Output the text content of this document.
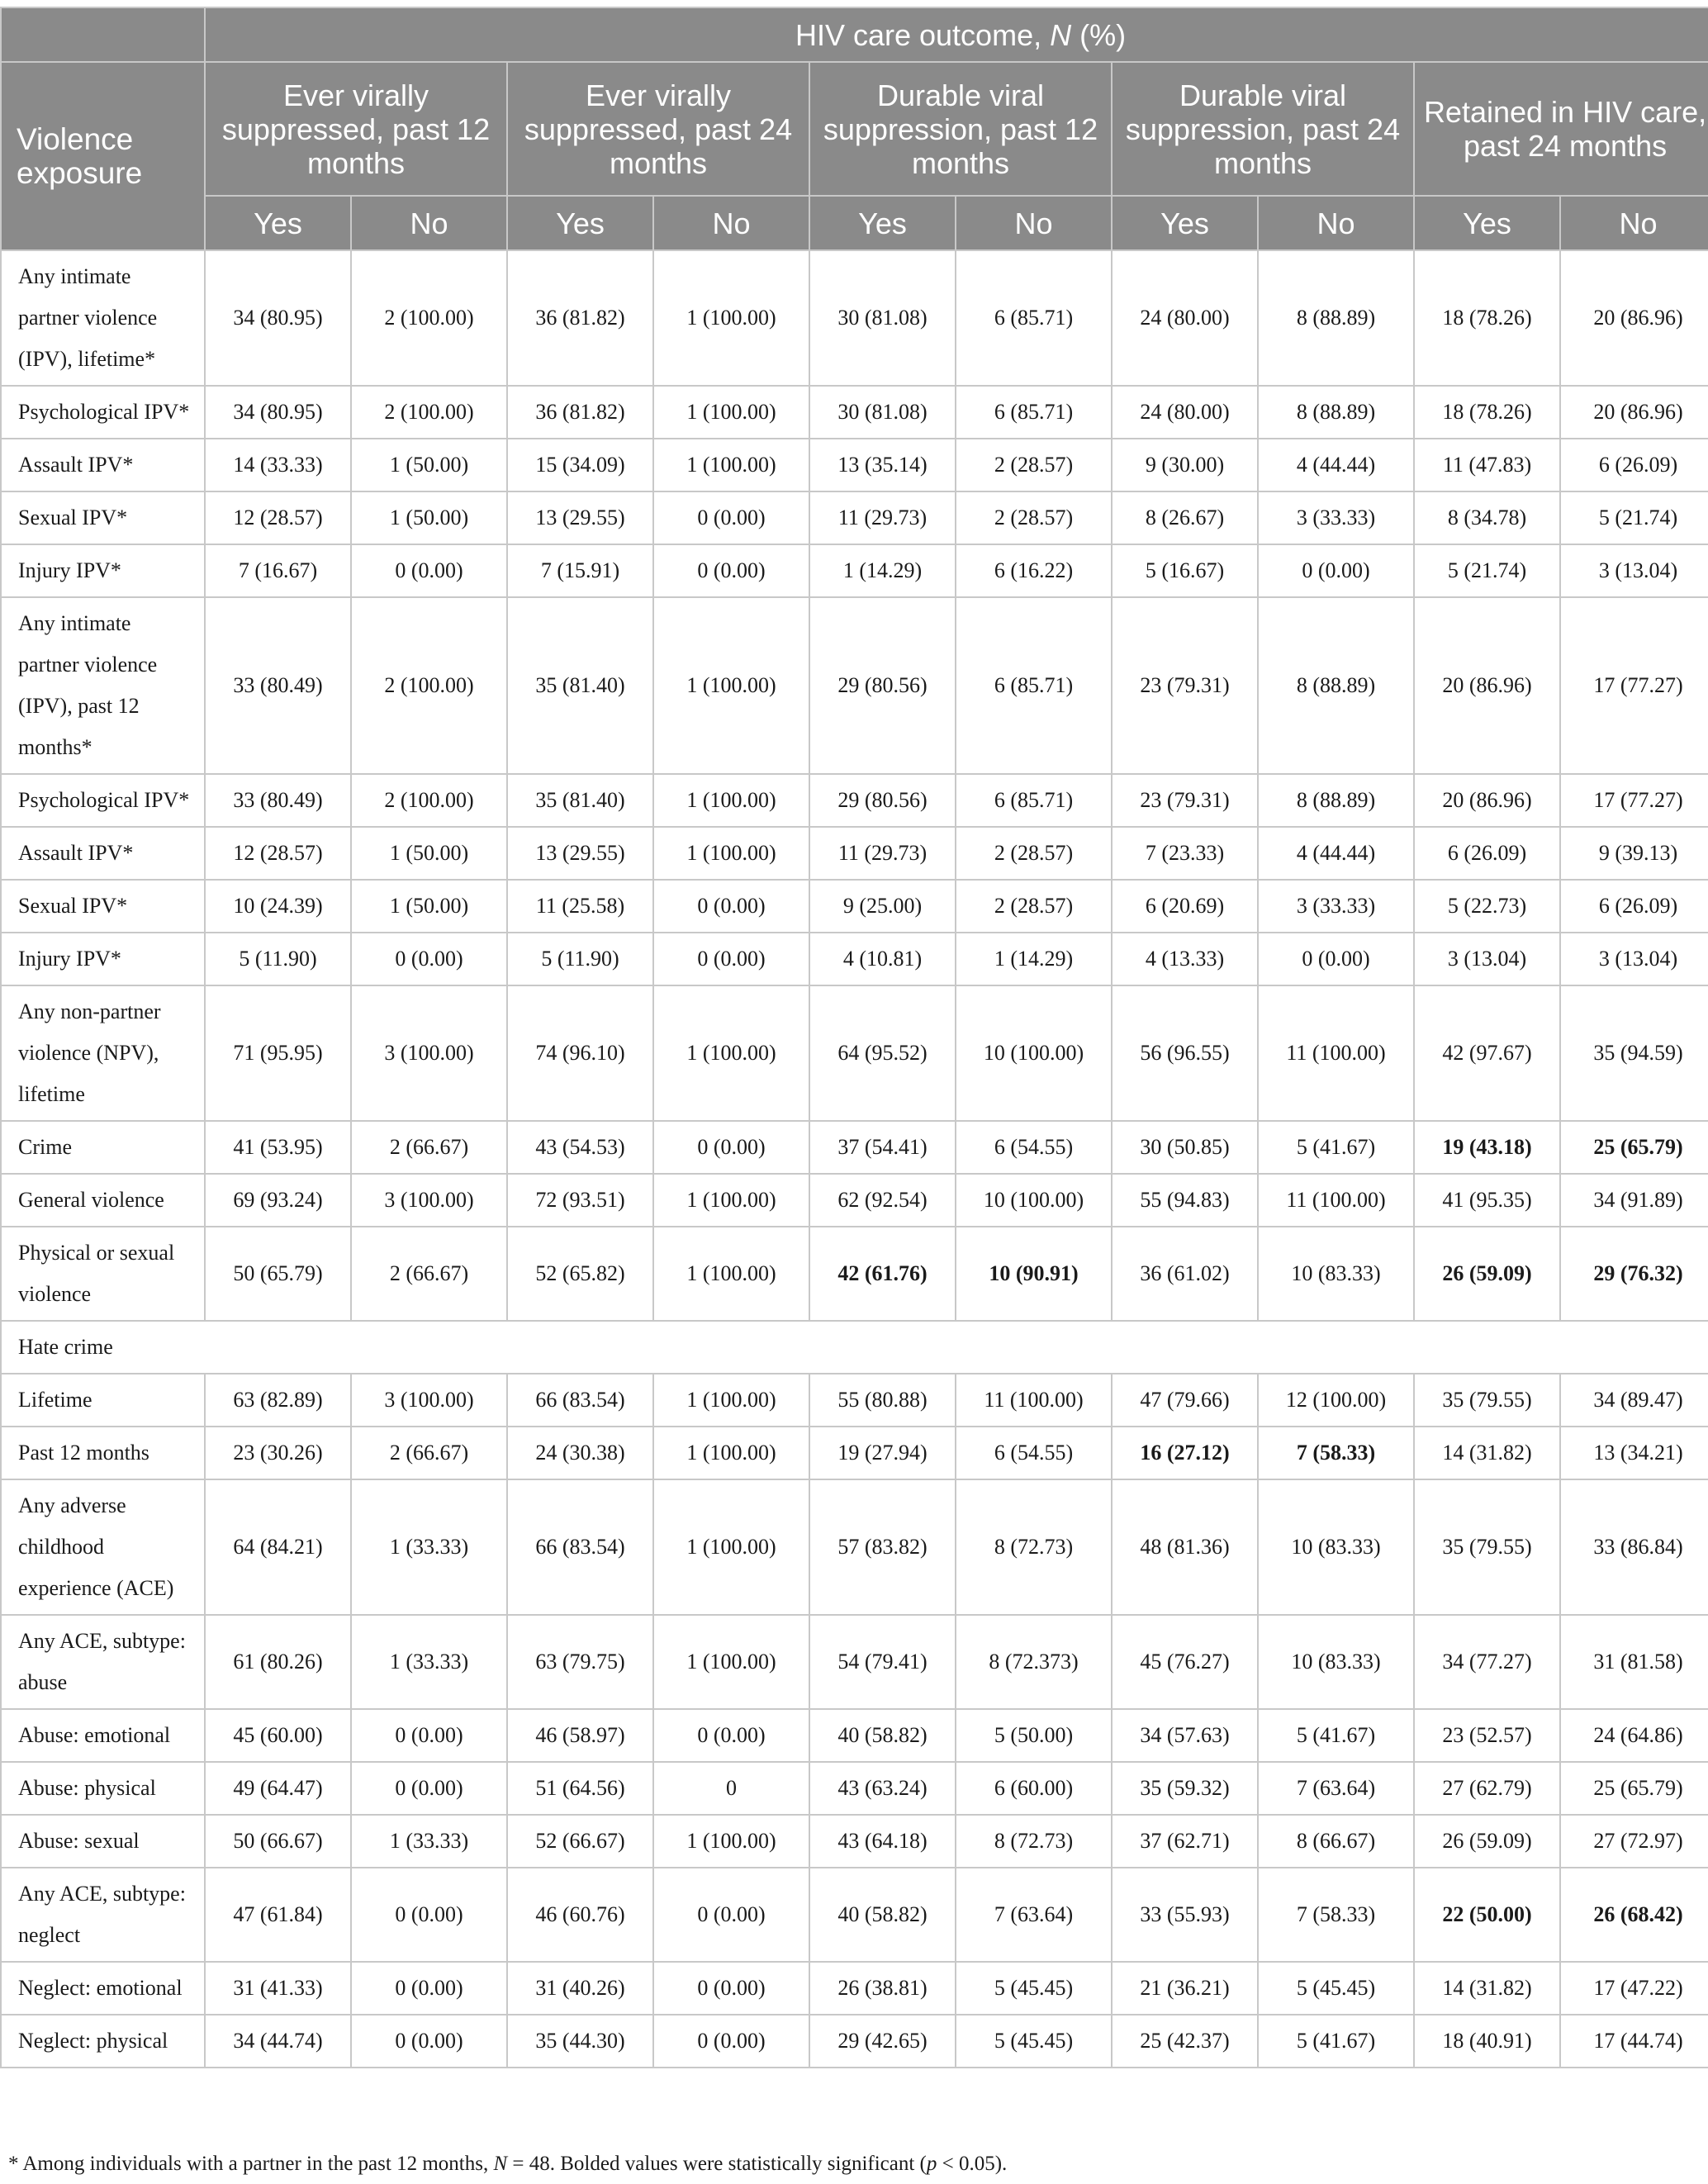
	HIV care outcome, N (%)									
Violence exposure	Ever virally suppressed, past 12 months		Ever virally suppressed, past 24 months		Durable viral suppression, past 12 months		Durable viral suppression, past 24 months		Retained in HIV care, past 24 months	
	Yes	No	Yes	No	Yes	No	Yes	No	Yes	No
Any intimate partner violence (IPV), lifetime*	34 (80.95)	2 (100.00)	36 (81.82)	1 (100.00)	30 (81.08)	6 (85.71)	24 (80.00)	8 (88.89)	18 (78.26)	20 (86.96)
Psychological IPV*	34 (80.95)	2 (100.00)	36 (81.82)	1 (100.00)	30 (81.08)	6 (85.71)	24 (80.00)	8 (88.89)	18 (78.26)	20 (86.96)
Assault IPV*	14 (33.33)	1 (50.00)	15 (34.09)	1 (100.00)	13 (35.14)	2 (28.57)	9 (30.00)	4 (44.44)	11 (47.83)	6 (26.09)
Sexual IPV*	12 (28.57)	1 (50.00)	13 (29.55)	0 (0.00)	11 (29.73)	2 (28.57)	8 (26.67)	3 (33.33)	8 (34.78)	5 (21.74)
Injury IPV*	7 (16.67)	0 (0.00)	7 (15.91)	0 (0.00)	1 (14.29)	6 (16.22)	5 (16.67)	0 (0.00)	5 (21.74)	3 (13.04)
Any intimate partner violence (IPV), past 12 months*	33 (80.49)	2 (100.00)	35 (81.40)	1 (100.00)	29 (80.56)	6 (85.71)	23 (79.31)	8 (88.89)	20 (86.96)	17 (77.27)
Psychological IPV*	33 (80.49)	2 (100.00)	35 (81.40)	1 (100.00)	29 (80.56)	6 (85.71)	23 (79.31)	8 (88.89)	20 (86.96)	17 (77.27)
Assault IPV*	12 (28.57)	1 (50.00)	13 (29.55)	1 (100.00)	11 (29.73)	2 (28.57)	7 (23.33)	4 (44.44)	6 (26.09)	9 (39.13)
Sexual IPV*	10 (24.39)	1 (50.00)	11 (25.58)	0 (0.00)	9 (25.00)	2 (28.57)	6 (20.69)	3 (33.33)	5 (22.73)	6 (26.09)
Injury IPV*	5 (11.90)	0 (0.00)	5 (11.90)	0 (0.00)	4 (10.81)	1 (14.29)	4 (13.33)	0 (0.00)	3 (13.04)	3 (13.04)
Any non-partner violence (NPV), lifetime	71 (95.95)	3 (100.00)	74 (96.10)	1 (100.00)	64 (95.52)	10 (100.00)	56 (96.55)	11 (100.00)	42 (97.67)	35 (94.59)
Crime	41 (53.95)	2 (66.67)	43 (54.53)	0 (0.00)	37 (54.41)	6 (54.55)	30 (50.85)	5 (41.67)	19 (43.18)	25 (65.79)
General violence	69 (93.24)	3 (100.00)	72 (93.51)	1 (100.00)	62 (92.54)	10 (100.00)	55 (94.83)	11 (100.00)	41 (95.35)	34 (91.89)
Physical or sexual violence	50 (65.79)	2 (66.67)	52 (65.82)	1 (100.00)	42 (61.76)	10 (90.91)	36 (61.02)	10 (83.33)	26 (59.09)	29 (76.32)
Hate crime										
Lifetime	63 (82.89)	3 (100.00)	66 (83.54)	1 (100.00)	55 (80.88)	11 (100.00)	47 (79.66)	12 (100.00)	35 (79.55)	34 (89.47)
Past 12 months	23 (30.26)	2 (66.67)	24 (30.38)	1 (100.00)	19 (27.94)	6 (54.55)	16 (27.12)	7 (58.33)	14 (31.82)	13 (34.21)
Any adverse childhood experience (ACE)	64 (84.21)	1 (33.33)	66 (83.54)	1 (100.00)	57 (83.82)	8 (72.73)	48 (81.36)	10 (83.33)	35 (79.55)	33 (86.84)
Any ACE, subtype: abuse	61 (80.26)	1 (33.33)	63 (79.75)	1 (100.00)	54 (79.41)	8 (72.373)	45 (76.27)	10 (83.33)	34 (77.27)	31 (81.58)
Abuse: emotional	45 (60.00)	0 (0.00)	46 (58.97)	0 (0.00)	40 (58.82)	5 (50.00)	34 (57.63)	5 (41.67)	23 (52.57)	24 (64.86)
Abuse: physical	49 (64.47)	0 (0.00)	51 (64.56)	0	43 (63.24)	6 (60.00)	35 (59.32)	7 (63.64)	27 (62.79)	25 (65.79)
Abuse: sexual	50 (66.67)	1 (33.33)	52 (66.67)	1 (100.00)	43 (64.18)	8 (72.73)	37 (62.71)	8 (66.67)	26 (59.09)	27 (72.97)
Any ACE, subtype: neglect	47 (61.84)	0 (0.00)	46 (60.76)	0 (0.00)	40 (58.82)	7 (63.64)	33 (55.93)	7 (58.33)	22 (50.00)	26 (68.42)
Neglect: emotional	31 (41.33)	0 (0.00)	31 (40.26)	0 (0.00)	26 (38.81)	5 (45.45)	21 (36.21)	5 (45.45)	14 (31.82)	17 (47.22)
Neglect: physical	34 (44.74)	0 (0.00)	35 (44.30)	0 (0.00)	29 (42.65)	5 (45.45)	25 (42.37)	5 (41.67)	18 (40.91)	17 (44.74)
* Among individuals with a partner in the past 12 months, N = 48. Bolded values were statistically significant (p < 0.05).
